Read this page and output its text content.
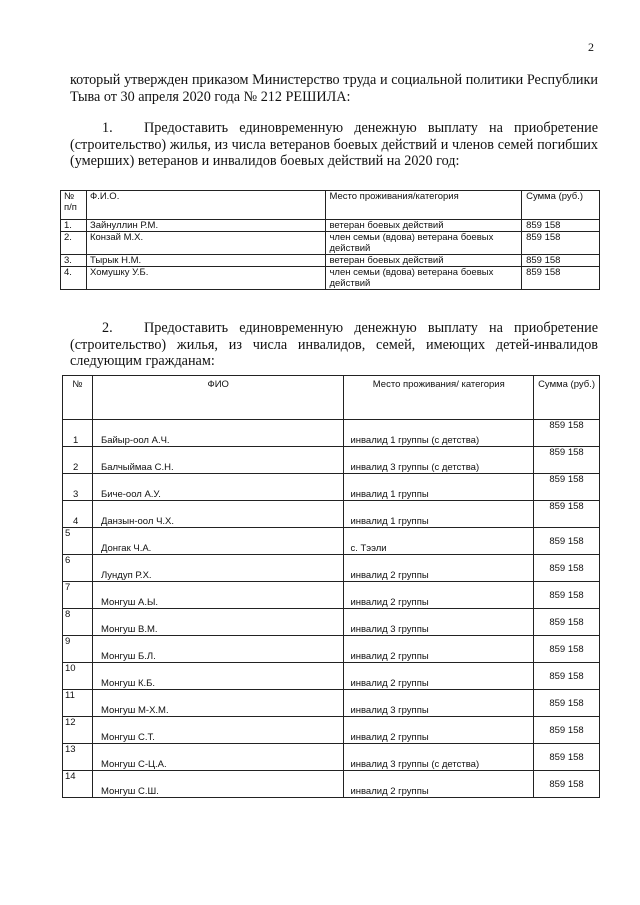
2
который утвержден приказом Министерство труда и социальной политики Республики Тыва от 30 апреля 2020 года № 212 РЕШИЛА:
1. Предоставить единовременную денежную выплату на приобретение (строительство) жилья, из числа ветеранов боевых действий и членов семей погибших (умерших) ветеранов и инвалидов боевых действий на 2020 год:
№ п/п	Ф.И.О.	Место проживания/категория	Сумма (руб.)
1.	Зайнуллин Р.М.	ветеран боевых действий	859 158
2.	Конзай М.Х.	член семьи (вдова) ветерана боевых действий	859 158
3.	Тырык Н.М.	ветеран боевых действий	859 158
4.	Хомушку У.Б.	член семьи (вдова) ветерана боевых действий	859 158
2. Предоставить единовременную денежную выплату на приобретение (строительство) жилья, из числа инвалидов, семей, имеющих детей-инвалидов следующим гражданам:
№	ФИО	Место проживания/ категория	Сумма (руб.)
1	Байыр-оол А.Ч.	инвалид 1 группы (с детства)	859 158
2	Балчыймаа С.Н.	инвалид 3 группы (с детства)	859 158
3	Биче-оол А.У.	инвалид 1 группы	859 158
4	Данзын-оол Ч.Х.	инвалид 1 группы	859 158
5	Донгак Ч.А.	с. Тээли	859 158
6	Лундуп Р.Х.	инвалид 2 группы	859 158
7	Монгуш А.Ы.	инвалид 2 группы	859 158
8	Монгуш В.М.	инвалид 3 группы	859 158
9	Монгуш Б.Л.	инвалид 2 группы	859 158
10	Монгуш К.Б.	инвалид 2 группы	859 158
11	Монгуш М-Х.М.	инвалид 3 группы	859 158
12	Монгуш С.Т.	инвалид 2 группы	859 158
13	Монгуш С-Ц.А.	инвалид 3 группы (с детства)	859 158
14	Монгуш С.Ш.	инвалид 2 группы	859 158
